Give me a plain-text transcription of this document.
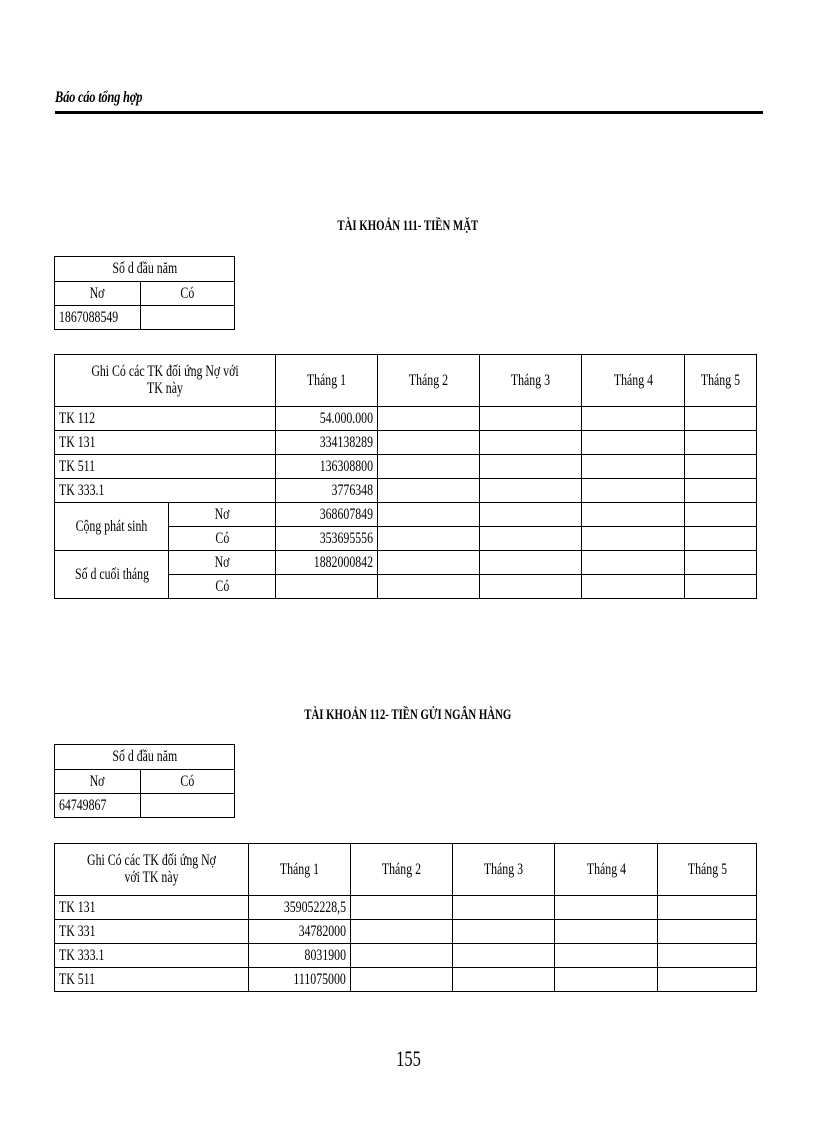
Báo cáo tổng hợp
TÀI KHOẢN 111- TIỀN MẶT
Số d đầu năm	
Nơ	Có
1867088549	
Ghi Có các TK đối ứng Nợ với TK này		Tháng 1	Tháng 2	Tháng 3	Tháng 4	Tháng 5
TK 112		54.000.000				
TK 131		334138289				
TK 511		136308800				
TK 333.1		3776348				
Cộng phát sinh	Nơ	368607849				
	Có	353695556				
Số d cuối tháng	Nơ	1882000842				
	Có					
TÀI KHOẢN 112- TIỀN GỬI NGÂN HÀNG
Số d đầu năm	
Nơ	Có
64749867	
Ghi Có các TK đối ứng Nợ với TK này	Tháng 1	Tháng 2	Tháng 3	Tháng 4	Tháng 5
TK 131	359052228,5				
TK 331	34782000				
TK 333.1	8031900				
TK 511	111075000				
155
